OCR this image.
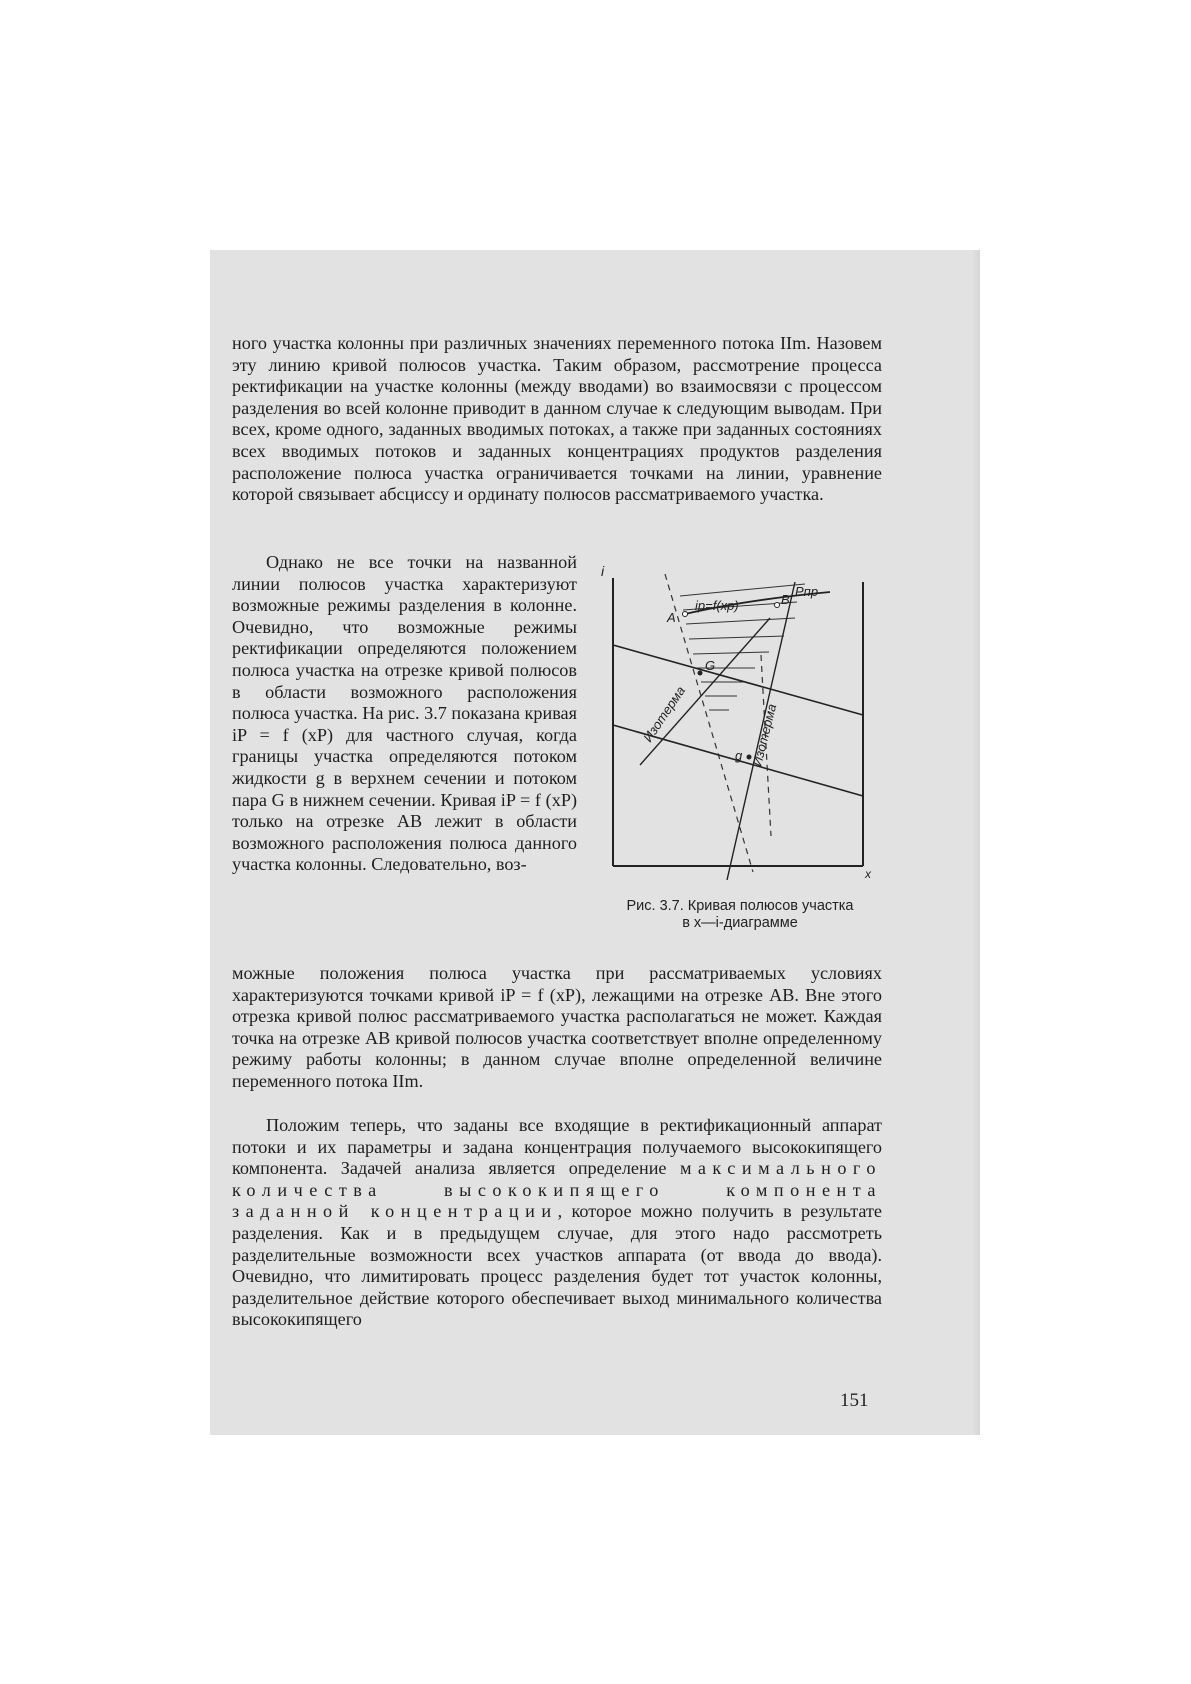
ного участка колонны при различных значениях переменного потока IIm. Назовем эту линию кривой полюсов участка. Таким образом, рассмотрение процесса ректификации на участке колонны (между вводами) во взаимосвязи с процессом разделения во всей колонне приводит в данном случае к следующим выводам. При всех, кроме одного, заданных вводимых потоках, а также при заданных состояниях всех вводимых потоков и заданных концентрациях продуктов разделения расположение полюса участка ограничивается точками на линии, уравнение которой связывает абсциссу и ординату полюсов рассматриваемого участка.

Однако не все точки на названной линии полюсов участка характеризуют возможные режимы разделения в колонне. Очевидно, что возможные режимы ректификации определяются положением полюса участка на отрезке кривой полюсов в области возможного расположения полюса участка. На рис. 3.7 показана кривая iP = f (xP) для частного случая, когда границы участка определяются потоком жидкости g в верхнем сечении и потоком пара G в нижнем сечении. Кривая iP = f (xP) только на отрезке AB лежит в области возможного расположения полюса данного участка колонны. Следовательно, воз-

i
x
A
B
Pпр
ip=f(xp)
G
g
Изотерма	Изотерма
Рис. 3.7. Кривая полюсов участка
в x—i-диаграмме

можные положения полюса участка при рассматриваемых условиях характеризуются точками кривой iP = f (xP), лежащими на отрезке AB. Вне этого отрезка кривой полюс рассматриваемого участка располагаться не может. Каждая точка на отрезке AB кривой полюсов участка соответствует вполне определенному режиму работы колонны; в данном случае вполне определенной величине переменного потока IIm.

Положим теперь, что заданы все входящие в ректификационный аппарат потоки и их параметры и задана концентрация получаемого высококипящего компонента. Задачей анализа является определение максимального количества высококипящего компонента заданной концентрации, которое можно получить в результате разделения. Как и в предыдущем случае, для этого надо рассмотреть разделительные возможности всех участков аппарата (от ввода до ввода). Очевидно, что лимитировать процесс разделения будет тот участок колонны, разделительное действие которого обеспечивает выход минимального количества высококипящего

151
